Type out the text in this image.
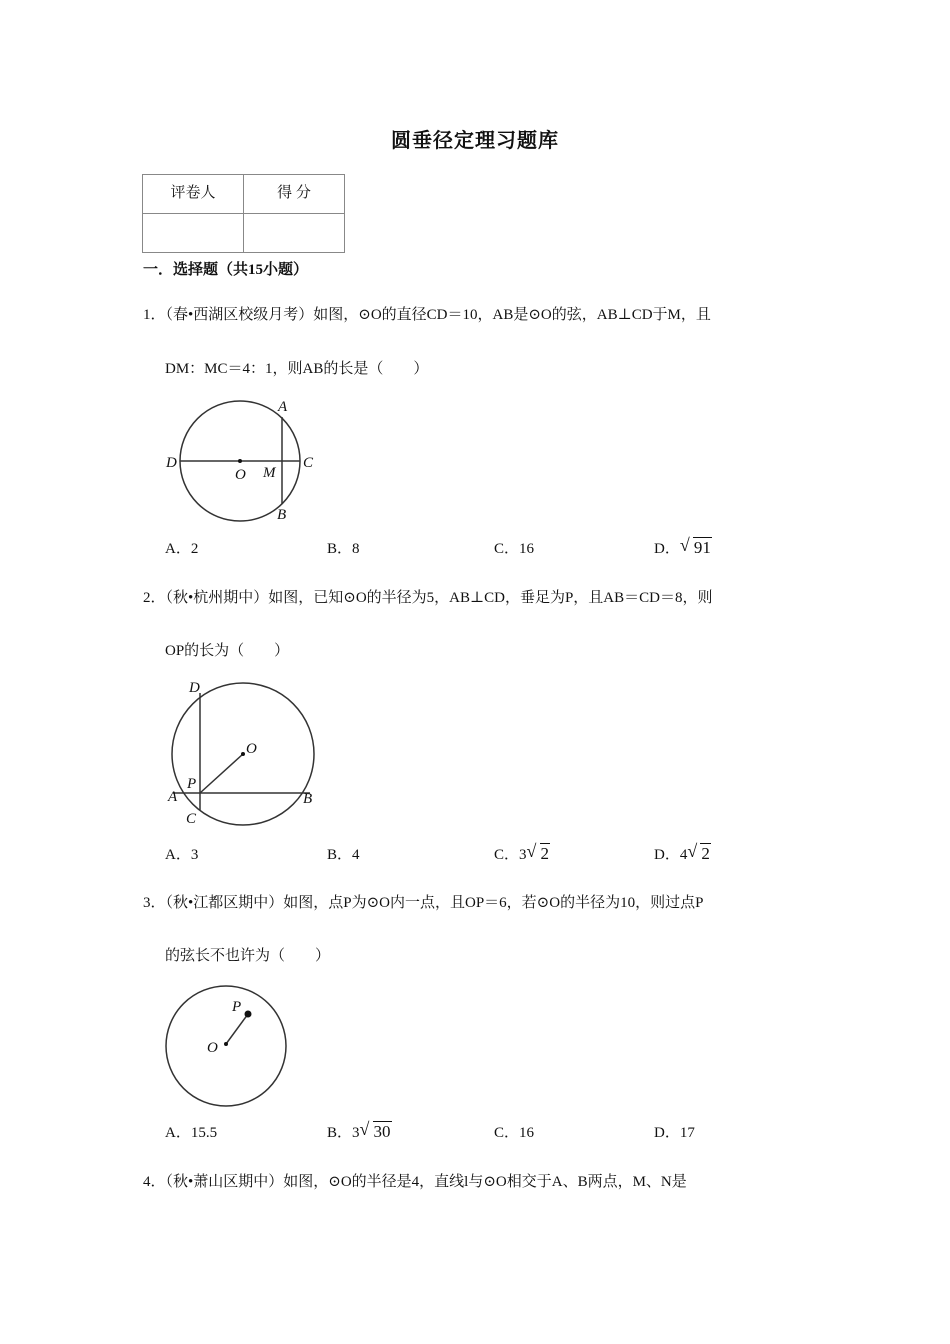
圆垂径定理习题库
评卷人	得 分

一．选择题（共15小题）
1．（春•西湖区校级月考）如图，⊙O的直径CD＝10，AB是⊙O的弦，AB⊥CD于M，且
DM：MC＝4：1，则AB的长是（　　）
A
B
C
D
M
O
A．2	B．8	C．16	D． √ 91
2．（秋•杭州期中）如图，已知⊙O的半径为5，AB⊥CD，垂足为P，且AB＝CD＝8，则
OP的长为（　　）
D
O
P
A	B
C
A．3	B．4	C．3 √ 2	D．4 √ 2
3．（秋•江都区期中）如图，点P为⊙O内一点，且OP＝6，若⊙O的半径为10，则过点P
的弦长不也许为（　　）
P
O
A．15.5	B．3 √ 30	C．16	D．17
4．（秋•萧山区期中）如图，⊙O的半径是4，直线l与⊙O相交于A、B两点，M、N是
